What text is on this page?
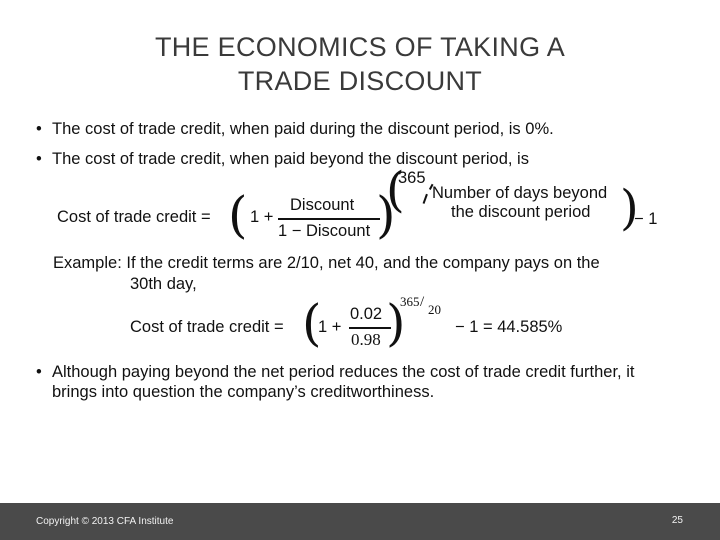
THE ECONOMICS OF TAKING A
TRADE DISCOUNT
• The cost of trade credit, when paid during the discount period, is 0%.
• The cost of trade credit, when paid beyond the discount period, is
Cost of trade credit = ( 1 +
Discount
1 − Discount )
(
365
Number of days beyond
the discount period )
− 1
Example: If the credit terms are 2/10, net 40, and the company pays on the
30th day,
Cost of trade credit = (
1 +
0.02
0.98 )
365 / 20
− 1 = 44.585%
• Although paying beyond the net period reduces the cost of trade credit further, it brings into question the company’s creditworthiness.
Copyright © 2013 CFA Institute	25
